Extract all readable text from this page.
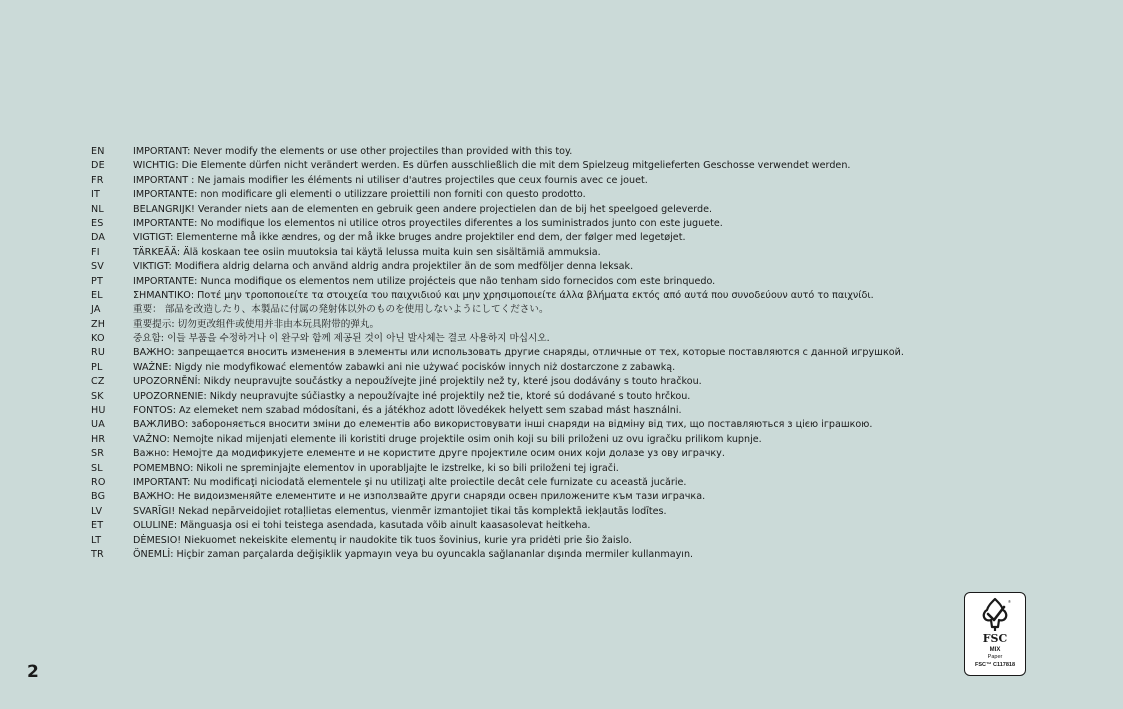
EN	IMPORTANT: Never modify the elements or use other projectiles than provided with this toy.
DE	WICHTIG: Die Elemente dürfen nicht verändert werden. Es dürfen ausschließlich die mit dem Spielzeug mitgelieferten Geschosse verwendet werden.
FR	IMPORTANT : Ne jamais modifier les éléments ni utiliser d'autres projectiles que ceux fournis avec ce jouet.
IT	IMPORTANTE: non modificare gli elementi o utilizzare proiettili non forniti con questo prodotto.
NL	BELANGRIJK! Verander niets aan de elementen en gebruik geen andere projectielen dan de bij het speelgoed geleverde.
ES	IMPORTANTE: No modifique los elementos ni utilice otros proyectiles diferentes a los suministrados junto con este juguete.
DA	VIGTIGT: Elementerne må ikke ændres, og der må ikke bruges andre projektiler end dem, der følger med legetøjet.
FI	TÄRKEÄÄ: Älä koskaan tee osiin muutoksia tai käytä lelussa muita kuin sen sisältämiä ammuksia.
SV	VIKTIGT: Modifiera aldrig delarna och använd aldrig andra projektiler än de som medföljer denna leksak.
PT	IMPORTANTE: Nunca modifique os elementos nem utilize projécteis que não tenham sido fornecidos com este brinquedo.
EL	ΣΗΜΑΝΤΙΚΟ: Ποτέ μην τροποποιείτε τα στοιχεία του παιχνιδιού και μην χρησιμοποιείτε άλλα βλήματα εκτός από αυτά που συνοδεύουν αυτό το παιχνίδι.
JA	重要： 部品を改造したり、本製品に付属の発射体以外のものを使用しないようにしてください。
ZH	重要提示: 切勿更改组件或使用并非由本玩具附带的弹丸。
KO	중요함: 이들 부품을 수정하거나 이 완구와 함께 제공된 것이 아닌 발사체는 결코 사용하지 마십시오.
RU	ВАЖНО: запрещается вносить изменения в элементы или использовать другие снаряды, отличные от тех, которые поставляются с данной игрушкой.
PL	WAŻNE: Nigdy nie modyfikować elementów zabawki ani nie używać pocisków innych niż dostarczone z zabawką.
CZ	UPOZORNĚNÍ: Nikdy neupravujte součástky a nepoužívejte jiné projektily než ty, které jsou dodávány s touto hračkou.
SK	UPOZORNENIE: Nikdy neupravujte súčiastky a nepoužívajte iné projektily než tie, ktoré sú dodávané s touto hrčkou.
HU	FONTOS: Az elemeket nem szabad módosítani, és a játékhoz adott lövedékek helyett sem szabad mást használni.
UA	ВАЖЛИВО: забороняється вносити зміни до елементів або використовувати інші снаряди на відміну від тих, що поставляються з цією іграшкою.
HR	VAŽNO: Nemojte nikad mijenjati elemente ili koristiti druge projektile osim onih koji su bili priloženi uz ovu igračku prilikom kupnje.
SR	Важно: Немојте да модификујете елементе и не користите друге пројектиле осим оних који долазе уз ову играчку.
SL	POMEMBNO: Nikoli ne spreminjajte elementov in uporabljajte le izstrelke, ki so bili priloženi tej igrači.
RO	IMPORTANT: Nu modificaţi niciodată elementele şi nu utilizaţi alte proiectile decât cele furnizate cu această jucărie.
BG	ВАЖНО: Не видоизменяйте елементите и не използвайте други снаряди освен приложените към тази играчка.
LV	SVARĪGI! Nekad nepārveidojiet rotaļlietas elementus, vienmēr izmantojiet tikai tās komplektā iekļautās lodītes.
ET	OLULINE: Mänguasja osi ei tohi teistega asendada, kasutada võib ainult kaasasolevat heitkeha.
LT	DĖMESIO! Niekuomet nekeiskite elementų ir naudokite tik tuos šovinius, kurie yra pridėti prie šio žaislo.
TR	ÖNEMLİ: Hiçbir zaman parçalarda değişiklik yapmayın veya bu oyuncakla sağlananlar dışında mermiler kullanmayın.
2
®
FSC
MIX
Paper
FSC™ C117818
